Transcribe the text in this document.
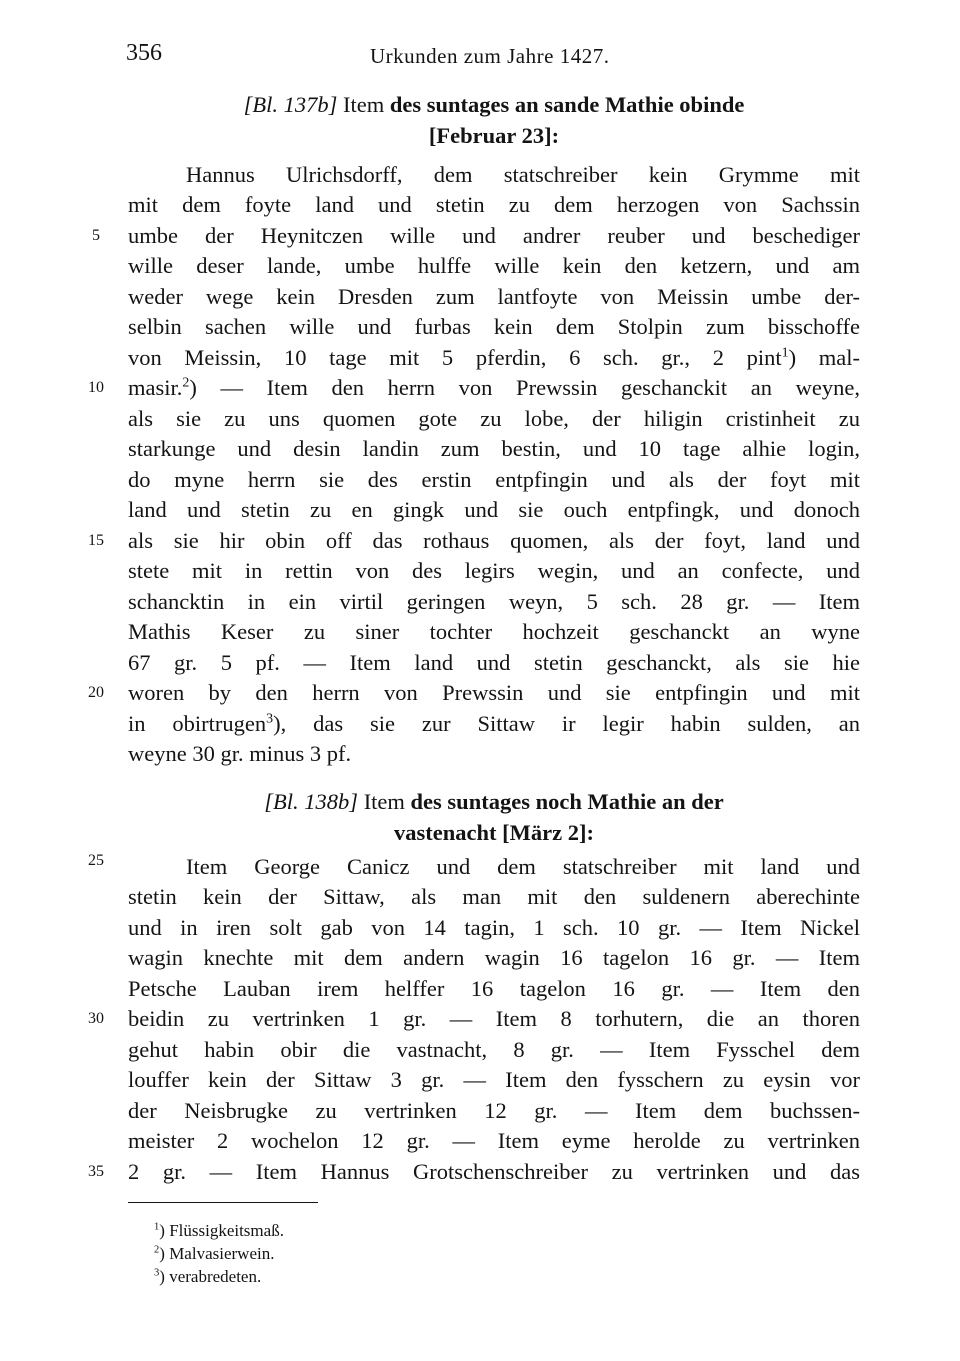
356	Urkunden zum Jahre 1427.
[Bl. 137b] Item des suntages an sande Mathie obinde
[Februar 23]:
Hannus Ulrichsdorff, dem statschreiber kein Grymme mit
mit dem foyte land und stetin zu dem herzogen von Sachssin
umbe der Heynitczen wille und andrer reuber und beschediger
wille deser lande, umbe hulffe wille kein den ketzern, und am
weder wege kein Dresden zum lantfoyte von Meissin umbe der-
selbin sachen wille und furbas kein dem Stolpin zum bisschoffe
von Meissin, 10 tage mit 5 pferdin, 6 sch. gr., 2 pint$^1$) mal-
masir.$^2$) — Item den herrn von Prewssin geschanckit an weyne,
als sie zu uns quomen gote zu lobe, der hiligin cristinheit zu
starkunge und desin landin zum bestin, und 10 tage alhie login,
do myne herrn sie des erstin entpfingin und als der foyt mit
land und stetin zu en gingk und sie ouch entpfingk, und donoch
als sie hir obin off das rothaus quomen, als der foyt, land und
stete mit in rettin von des legirs wegin, und an confecte, und
schancktin in ein virtil geringen weyn, 5 sch. 28 gr. — Item
Mathis Keser zu siner tochter hochzeit geschanckt an wyne
67 gr. 5 pf. — Item land und stetin geschanckt, als sie hie
woren by den herrn von Prewssin und sie entpfingin und mit
in obirtrugen$^3$), das sie zur Sittaw ir legir habin sulden, an
weyne 30 gr. minus 3 pf.
[Bl. 138b] Item des suntages noch Mathie an der
vastenacht [März 2]:
Item George Canicz und dem statschreiber mit land und
stetin kein der Sittaw, als man mit den suldenern aberechinte
und in iren solt gab von 14 tagin, 1 sch. 10 gr. — Item Nickel
wagin knechte mit dem andern wagin 16 tagelon 16 gr. — Item
Petsche Lauban irem helffer 16 tagelon 16 gr. — Item den
beidin zu vertrinken 1 gr. — Item 8 torhutern, die an thoren
gehut habin obir die vastnacht, 8 gr. — Item Fysschel dem
louffer kein der Sittaw 3 gr. — Item den fysschern zu eysin vor
der Neisbrugke zu vertrinken 12 gr. — Item dem buchssen-
meister 2 wochelon 12 gr. — Item eyme herolde zu vertrinken
2 gr. — Item Hannus Grotschenschreiber zu vertrinken und das
5
10
15
20
25
30
35
$^1$) Flüssigkeitsmaß.
$^2$) Malvasierwein.
$^3$) verabredeten.
